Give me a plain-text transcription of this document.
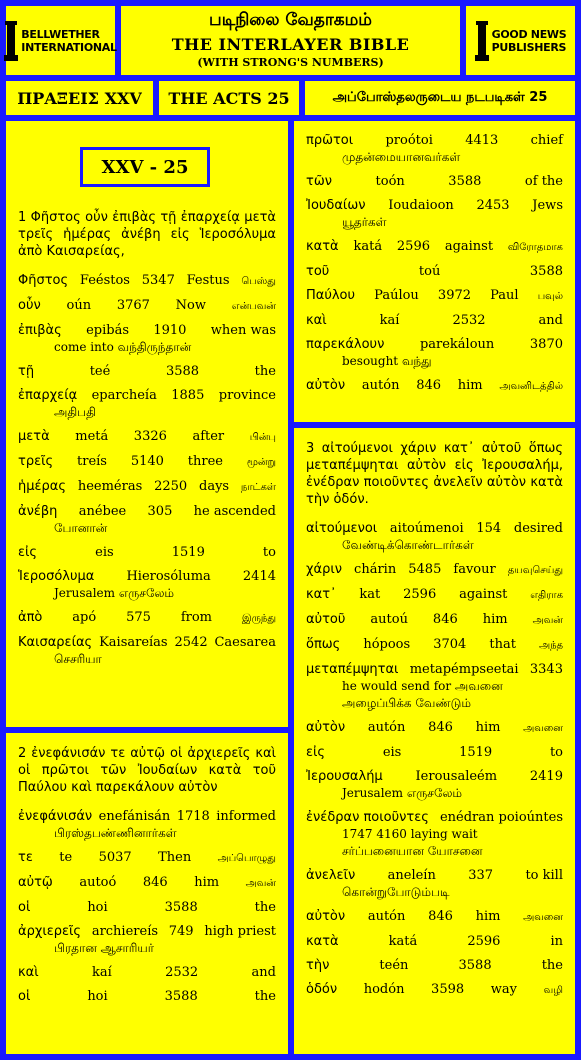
BELLWETHER
INTERNATIONAL
படிநிலை வேதாகமம்
THE INTERLAYER BIBLE
(WITH STRONG'S NUMBERS)
GOOD NEWS
PUBLISHERS
ΠΡΑΞΕΙΣ XXV	THE ACTS 25	அப்போஸ்தலருடைய நடபடிகள் 25
XXV - 25
1 Φῆστος οὖν ἐπιβὰς τῇ ἐπαρχείᾳ μετὰ τρεῖς ἡμέρας ἀνέβη εἰς Ἱεροσόλυμα ἀπὸ Καισαρείας,
Φῆστος Feéstos 5347 Festus பெஸ்து
οὖν oún 3767 Now	என்பவன்
ἐπιβὰς epibás 1910 when was
come into வந்திருந்தான்
τῇ	teé	3588	the
ἐπαρχείᾳ eparcheía 1885 province
அதிபதி
μετὰ metá 3326 after	பின்பு
τρεῖς treís 5140 three மூன்று
ἡμέρας heeméras 2250 days நாட்கள்
ἀνέβη anébee 305 he ascended
போனான்
εἰς	eis	1519	to
Ἱεροσόλυμα Hierosóluma 2414
Jerusalem எருசலேம்
ἀπὸ apó 575 from	இருந்து
Καισαρείας Kaisareías 2542 Caesarea
செசரியா
2 ἐνεφάνισάν τε αὐτῷ οἱ ἀρχιερεῖς καὶ οἱ πρῶτοι τῶν Ἰουδαίων κατὰ τοῦ Παύλου καὶ παρεκάλουν αὐτὸν
ἐνεφάνισάν enefánisán 1718 informed
பிரஸ்தபண்ணினார்கள்
τε te 5037 Then	அப்பொழுது
αὐτῷ autoó 846 him	அவன்
οἱ	hoi	3588	the
ἀρχιερεῖς archiereís 749 high priest
பிரதான ஆசாரியர்
καὶ	kaí	2532	and
οἱ	hoi	3588	the
πρῶτοι proótoi 4413 chief
முதன்மையானவர்கள்
τῶν	toón	3588	of the
Ἰουδαίων Ioudaioon 2453 Jews
யூதர்கள்
κατὰ katá 2596 against விரோதமாக
τοῦ	toú	3588
Παύλου Paúlou 3972 Paul பவுல்
καὶ	kaí	2532	and
παρεκάλουν	parekáloun	3870
besought வந்து
αὐτὸν autón 846 him அவனிடத்தில்
3 αἰτούμενοι χάριν κατ᾽ αὐτοῦ ὅπως μεταπέμψηται αὐτὸν εἰς Ἰερουσαλήμ, ἐνέδραν ποιοῦντες ἀνελεῖν αὐτὸν κατὰ τὴν ὁδόν.
αἰτούμενοι aitoúmenoi 154 desired
வேண்டிக்கொண்டார்கள்
χάριν chárin 5485 favour தயவுசெய்து
κατ᾽ kat 2596 against எதிராக
αὐτοῦ autoú 846 him அவன்
ὅπως hópoos 3704 that அந்த
μεταπέμψηται metapémpseetai 3343
he would send for அவனை அழைப்பிக்க வேண்டும்
αὐτὸν autón 846 him அவனை
εἰς	eis	1519	to
Ἰερουσαλήμ	Ierousaleém	2419
Jerusalem எருசலேம்
ἐνέδραν ποιοῦντες enédran poioúntes
1747 4160 laying wait சர்ப்பனையான யோசனை
ἀνελεῖν aneleín 337 to kill
கொன்றுபோடும்படி
αὐτὸν autón 846 him அவனை
κατὰ	katá	2596	in
τὴν	teén	3588	the
ὁδόν hodón 3598 way	வழி
